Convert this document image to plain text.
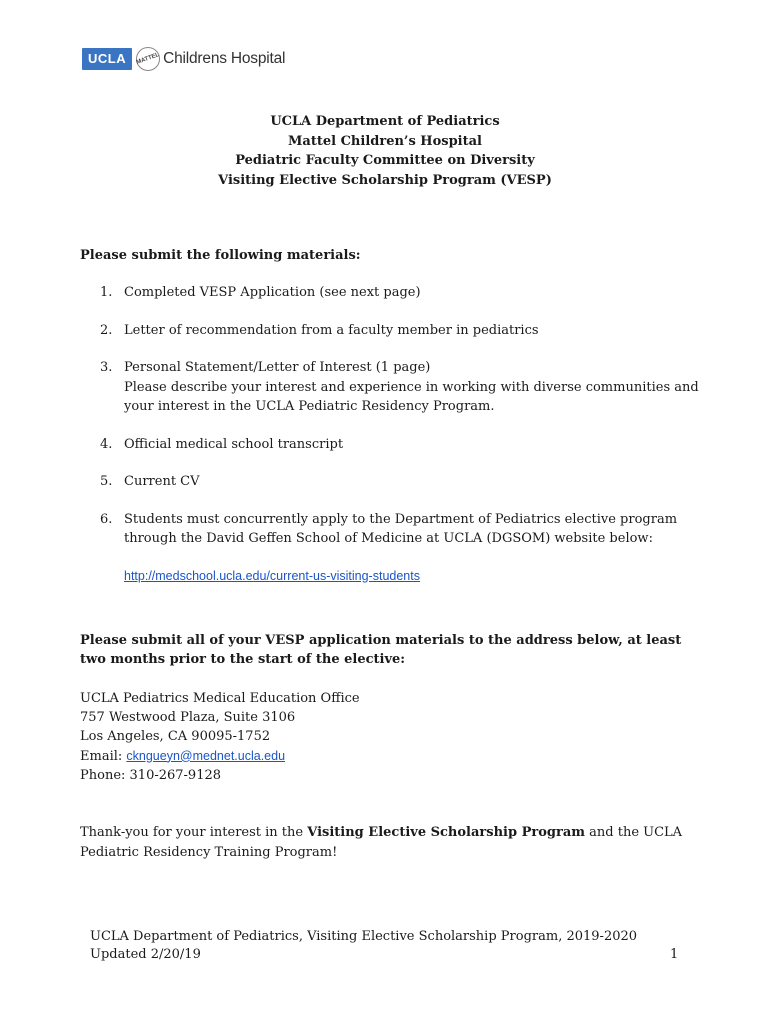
UCLA	MATTEL Childrens Hospital
UCLA Department of Pediatrics
Mattel Children’s Hospital
Pediatric Faculty Committee on Diversity
Visiting Elective Scholarship Program (VESP)
Please submit the following materials:
1. Completed VESP Application (see next page)
2. Letter of recommendation from a faculty member in pediatrics
3. Personal Statement/Letter of Interest (1 page)
Please describe your interest and experience in working with diverse communities and your interest in the UCLA Pediatric Residency Program.
4. Official medical school transcript
5. Current CV
6. Students must concurrently apply to the Department of Pediatrics elective program through the David Geffen School of Medicine at UCLA (DGSOM) website below:
http://medschool.ucla.edu/current-us-visiting-students
Please submit all of your VESP application materials to the address below, at least two months prior to the start of the elective:
UCLA Pediatrics Medical Education Office
757 Westwood Plaza, Suite 3106
Los Angeles, CA 90095-1752
Email: ckngueyn@mednet.ucla.edu
Phone: 310-267-9128
Thank-you for your interest in the Visiting Elective Scholarship Program and the UCLA Pediatric Residency Training Program!
UCLA Department of Pediatrics, Visiting Elective Scholarship Program, 2019-2020
Updated 2/20/19	1
